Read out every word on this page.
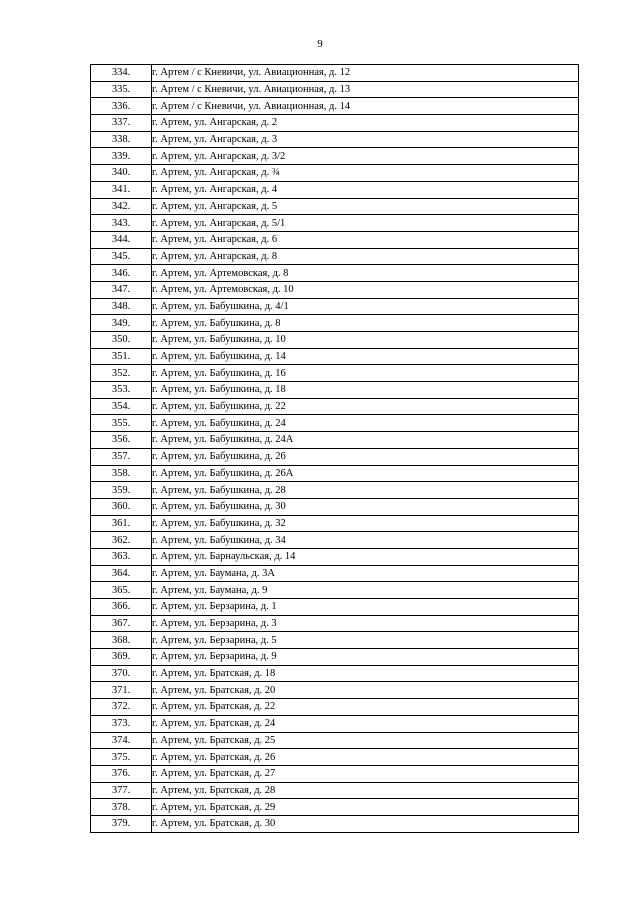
9
334.	г. Артем / с Кневичи, ул. Авиационная, д. 12
335.	г. Артем / с Кневичи, ул. Авиационная, д. 13
336.	г. Артем / с Кневичи, ул. Авиационная, д. 14
337.	г. Артем, ул. Ангарская, д. 2
338.	г. Артем, ул. Ангарская, д. 3
339.	г. Артем, ул. Ангарская, д. 3/2
340.	г. Артем, ул. Ангарская, д. ¾
341.	г. Артем, ул. Ангарская, д. 4
342.	г. Артем, ул. Ангарская, д. 5
343.	г. Артем, ул. Ангарская, д. 5/1
344.	г. Артем, ул. Ангарская, д. 6
345.	г. Артем, ул. Ангарская, д. 8
346.	г. Артем, ул. Артемовская, д. 8
347.	г. Артем, ул. Артемовская, д. 10
348.	г. Артем, ул. Бабушкина, д. 4/1
349.	г. Артем, ул. Бабушкина, д. 8
350.	г. Артем, ул. Бабушкина, д. 10
351.	г. Артем, ул. Бабушкина, д. 14
352.	г. Артем, ул. Бабушкина, д. 16
353.	г. Артем, ул. Бабушкина, д. 18
354.	г. Артем, ул. Бабушкина, д. 22
355.	г. Артем, ул. Бабушкина, д. 24
356.	г. Артем, ул. Бабушкина, д. 24А
357.	г. Артем, ул. Бабушкина, д. 26
358.	г. Артем, ул. Бабушкина, д. 26А
359.	г. Артем, ул. Бабушкина, д. 28
360.	г. Артем, ул. Бабушкина, д. 30
361.	г. Артем, ул. Бабушкина, д. 32
362.	г. Артем, ул. Бабушкина, д. 34
363.	г. Артем, ул. Барнаульская, д. 14
364.	г. Артем, ул. Баумана, д. 3А
365.	г. Артем, ул. Баумана, д. 9
366.	г. Артем, ул. Берзарина, д. 1
367.	г. Артем, ул. Берзарина, д. 3
368.	г. Артем, ул. Берзарина, д. 5
369.	г. Артем, ул. Берзарина, д. 9
370.	г. Артем, ул. Братская, д. 18
371.	г. Артем, ул. Братская, д. 20
372.	г. Артем, ул. Братская, д. 22
373.	г. Артем, ул. Братская, д. 24
374.	г. Артем, ул. Братская, д. 25
375.	г. Артем, ул. Братская, д. 26
376.	г. Артем, ул. Братская, д. 27
377.	г. Артем, ул. Братская, д. 28
378.	г. Артем, ул. Братская, д. 29
379.	г. Артем, ул. Братская, д. 30
